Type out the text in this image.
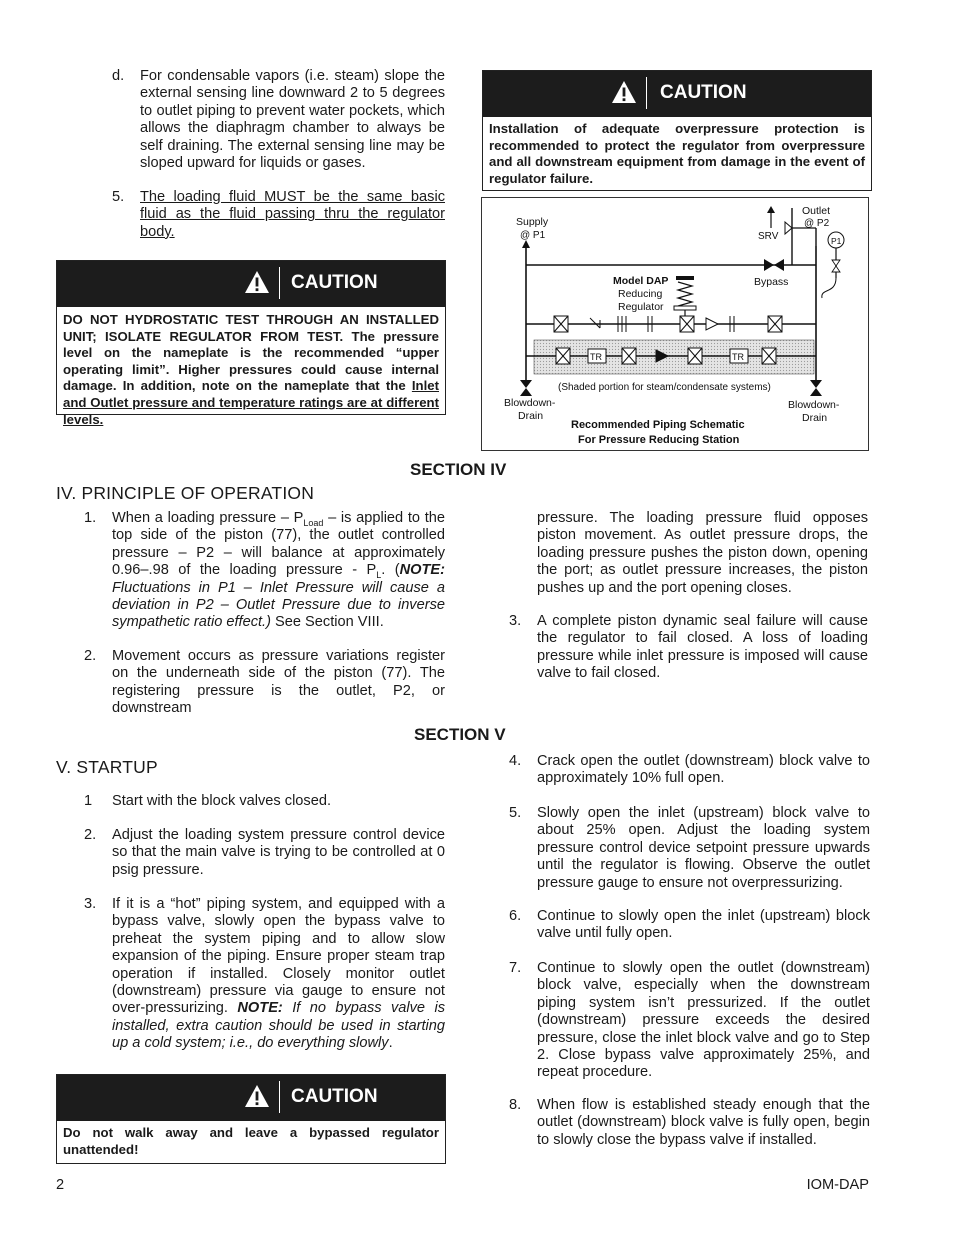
d. For condensable vapors (i.e. steam) slope the external sensing line downward 2 to 5 degrees to outlet piping to prevent water pockets, which allows the diaphragm chamber to always be self draining. The external sensing line may be sloped upward for liquids or gases.
5. The loading fluid MUST be the same basic fluid as the fluid passing thru the regulator body.
CAUTION
DO NOT HYDROSTATIC TEST THROUGH AN INSTALLED UNIT; ISOLATE REGULATOR FROM TEST. The pressure level on the nameplate is the recommended “upper operating limit”. Higher pressures could cause internal damage. In addition, note on the nameplate that the Inlet and Outlet pressure and temperature ratings are at different levels.
CAUTION
Installation of adequate overpressure protection is recommended to protect the regulator from overpressure and all downstream equipment from damage in the event of regulator failure.
Supply
@ P1
Outlet
@ P2
SRV	P1
Bypass
Model DAP
Reducing
Regulator
TR	TR
(Shaded portion for steam/condensate systems)
Blowdown-
Drain
Blowdown-
Drain
Recommended Piping Schematic
For Pressure Reducing Station
SECTION IV
IV. PRINCIPLE OF OPERATION
1. When a loading pressure – $P_{Load}$ – is applied to the top side of the piston (77), the outlet controlled pressure – P2 – will balance at approximately 0.96–.98 of the loading pressure - $P_L$. (NOTE: Fluctuations in P1 – Inlet Pressure will cause a deviation in P2 – Outlet Pressure due to inverse sympathetic ratio effect.) See Section VIII.
2. Movement occurs as pressure variations register on the underneath side of the piston (77). The registering pressure is the outlet, P2, or downstream
pressure. The loading pressure fluid opposes piston movement. As outlet pressure drops, the loading pressure pushes the piston down, opening the port; as outlet pressure increases, the piston pushes up and the port opening closes.
3. A complete piston dynamic seal failure will cause the regulator to fail closed. A loss of loading pressure while inlet pressure is imposed will cause valve to fail closed.
SECTION V
V. STARTUP
1 Start with the block valves closed.
2. Adjust the loading system pressure control device so that the main valve is trying to be controlled at 0 psig pressure.
3. If it is a “hot” piping system, and equipped with a bypass valve, slowly open the bypass valve to preheat the system piping and to allow slow expansion of the piping. Ensure proper steam trap operation if installed. Closely monitor outlet (downstream) pressure via gauge to ensure not over-pressurizing. NOTE: If no bypass valve is installed, extra caution should be used in starting up a cold system; i.e., do everything slowly.
CAUTION
Do not walk away and leave a bypassed regulator unattended!
4. Crack open the outlet (downstream) block valve to approximately 10% full open.
5. Slowly open the inlet (upstream) block valve to about 25% open. Adjust the loading system pressure control device setpoint pressure upwards until the regulator is flowing. Observe the outlet pressure gauge to ensure not overpressurizing.
6. Continue to slowly open the inlet (upstream) block valve until fully open.
7. Continue to slowly open the outlet (downstream) block valve, especially when the downstream piping system isn’t pressurized. If the outlet (downstream) pressure exceeds the desired pressure, close the inlet block valve and go to Step 2. Close bypass valve approximately 25%, and repeat procedure.
8. When flow is established steady enough that the outlet (downstream) block valve is fully open, begin to slowly close the bypass valve if installed.
2	IOM-DAP
